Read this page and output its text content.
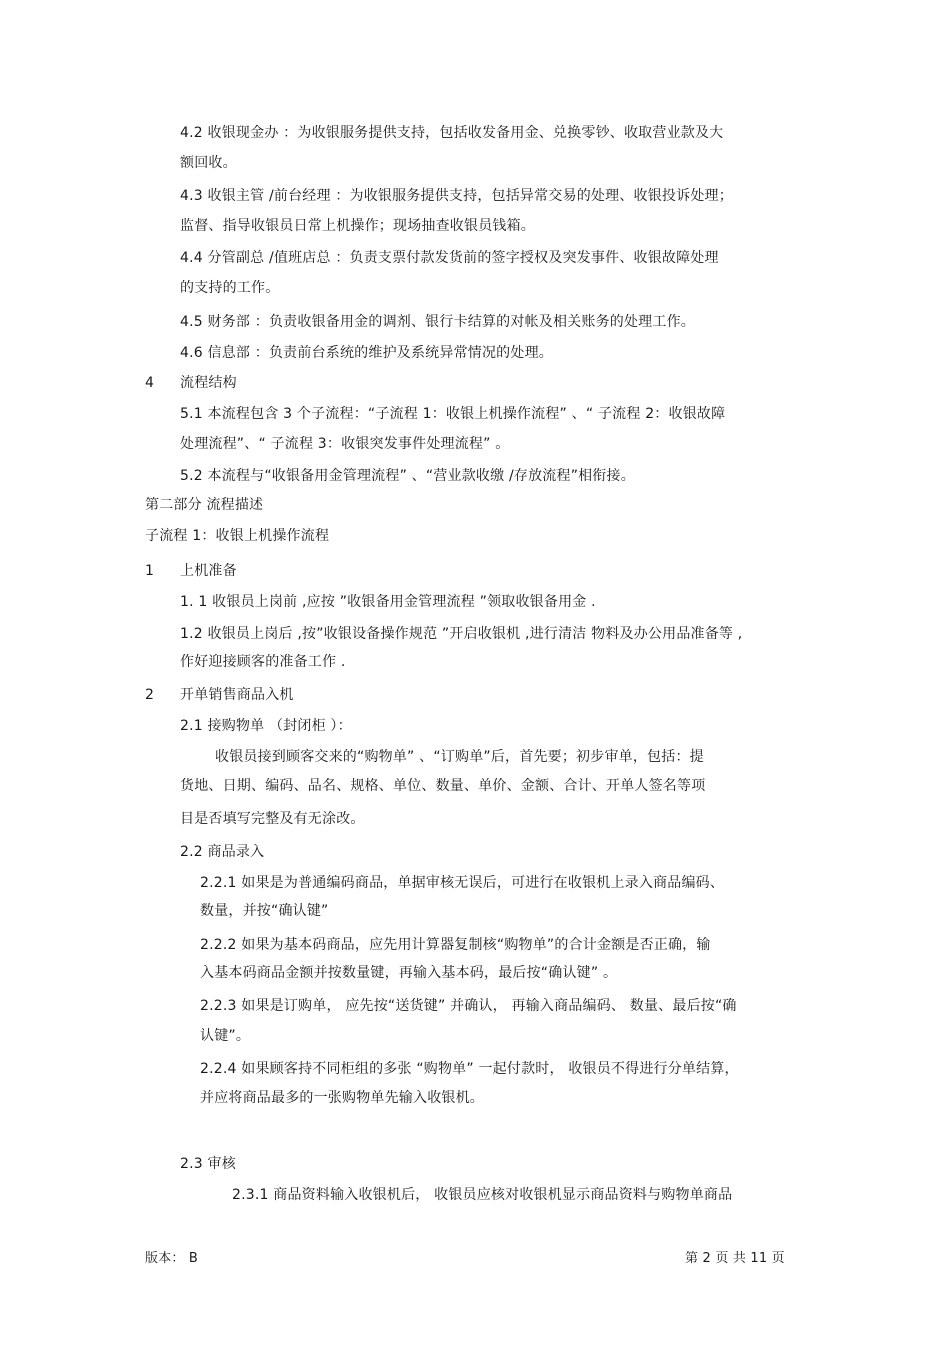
4.2 收银现金办 ：为收银服务提供支持，包括收发备用金、兑换零钞、收取营业款及大
额回收。
4.3 收银主管 /前台经理 ：为收银服务提供支持，包括异常交易的处理、收银投诉处理；
监督、指导收银员日常上机操作；现场抽查收银员钱箱。
4.4 分管副总 /值班店总 ：负责支票付款发货前的签字授权及突发事件、收银故障处理
的支持的工作。
4.5 财务部 ：负责收银备用金的调剂、银行卡结算的对帐及相关账务的处理工作。
4.6 信息部 ：负责前台系统的维护及系统异常情况的处理。
4 流程结构
5.1 本流程包含 3 个子流程：“子流程 1：收银上机操作流程” 、“ 子流程 2：收银故障
处理流程”、“ 子流程 3：收银突发事件处理流程” 。
5.2 本流程与“收银备用金管理流程” 、“营业款收缴 /存放流程”相衔接。
第二部分 流程描述
子流程 1：收银上机操作流程
1 上机准备
1. 1 收银员上岗前 ,应按 ”收银备用金管理流程 ”领取收银备用金 .
1.2 收银员上岗后 ,按”收银设备操作规范 ”开启收银机 ,进行清洁 物料及办公用品准备等 ,
作好迎接顾客的准备工作 .
2 开单销售商品入机
2.1 接购物单 （封闭柜 ）：
收银员接到顾客交来的“购物单” 、“订购单”后，首先要；初步审单，包括：提
货地、日期、编码、品名、规格、单位、数量、单价、金额、合计、开单人签名等项
目是否填写完整及有无涂改。
2.2 商品录入
2.2.1 如果是为普通编码商品，单据审核无误后，可进行在收银机上录入商品编码、
数量，并按“确认键”
2.2.2 如果为基本码商品，应先用计算器复制核“购物单”的合计金额是否正确，输
入基本码商品金额并按数量键，再输入基本码，最后按“确认键” 。
2.2.3 如果是订购单， 应先按“送货键” 并确认， 再输入商品编码、 数量、最后按“确
认键”。
2.2.4 如果顾客持不同柜组的多张 “购物单” 一起付款时， 收银员不得进行分单结算，
并应将商品最多的一张购物单先输入收银机。
2.3 审核
2.3.1 商品资料输入收银机后， 收银员应核对收银机显示商品资料与购物单商品
版本： B	第 2 页 共 11 页
